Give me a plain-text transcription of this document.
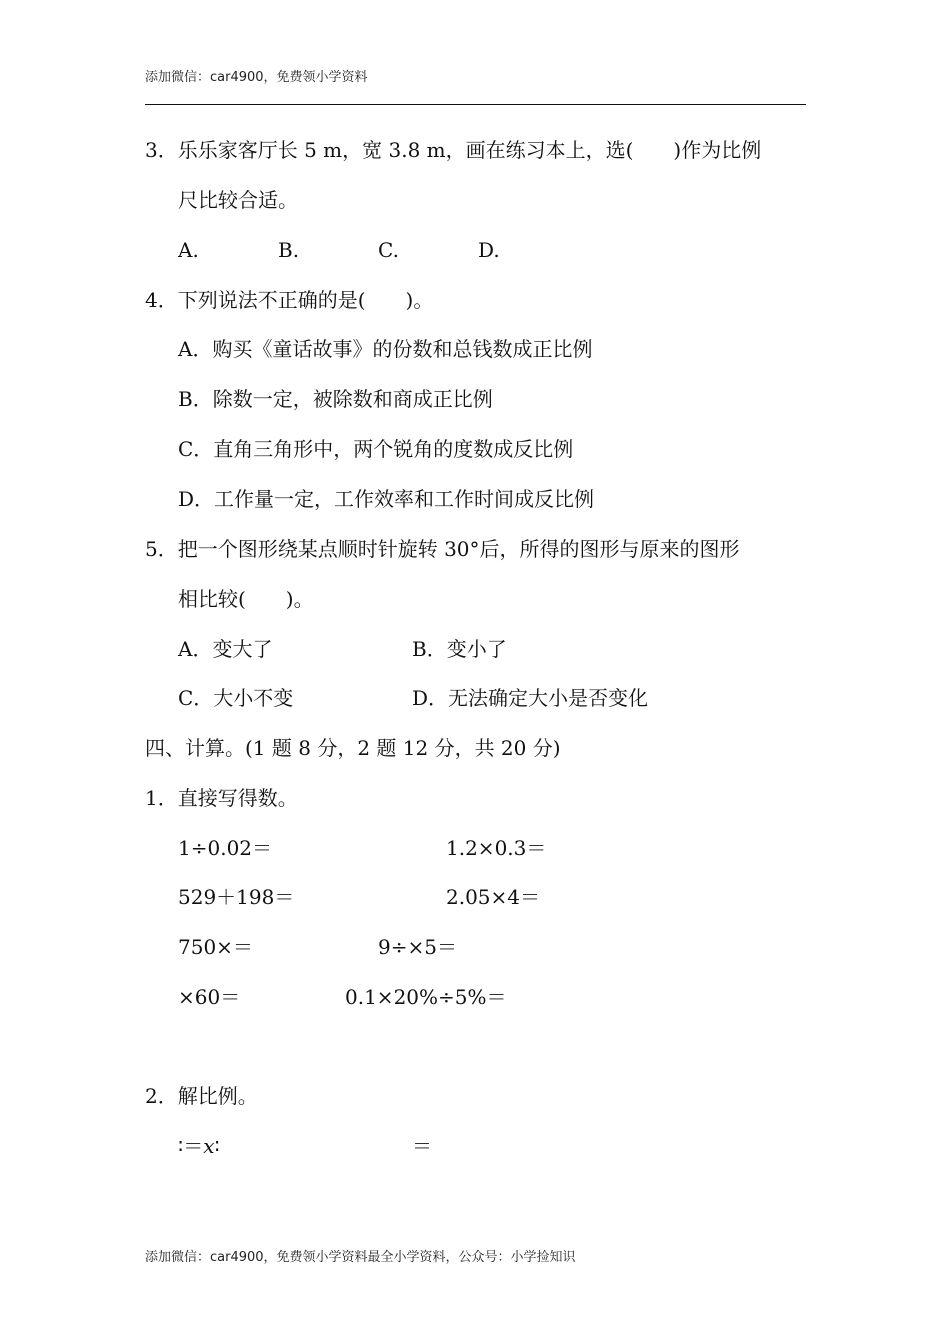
添加微信：car4900，免费领小学资料
3．乐乐家客厅长 5 m，宽 3.8 m，画在练习本上，选(　　)作为比例
尺比较合适。
A.	B.	C.	D.
4．下列说法不正确的是(　　)。
A．购买《童话故事》的份数和总钱数成正比例
B．除数一定，被除数和商成正比例
C．直角三角形中，两个锐角的度数成反比例
D．工作量一定，工作效率和工作时间成反比例
5．把一个图形绕某点顺时针旋转 30°后，所得的图形与原来的图形
相比较(　　)。
A．变大了	B．变小了
C．大小不变	D．无法确定大小是否变化
四、计算。(1 题 8 分，2 题 12 分，共 20 分)
1．直接写得数。
1÷0.02＝	1.2×0.3＝
529＋198＝	2.05×4＝
750×＝	9÷×5＝
×60＝	0.1×20%÷5%＝
2．解比例。
∶＝x∶	＝
添加微信：car4900，免费领小学资料最全小学资料，公众号：小学捡知识
